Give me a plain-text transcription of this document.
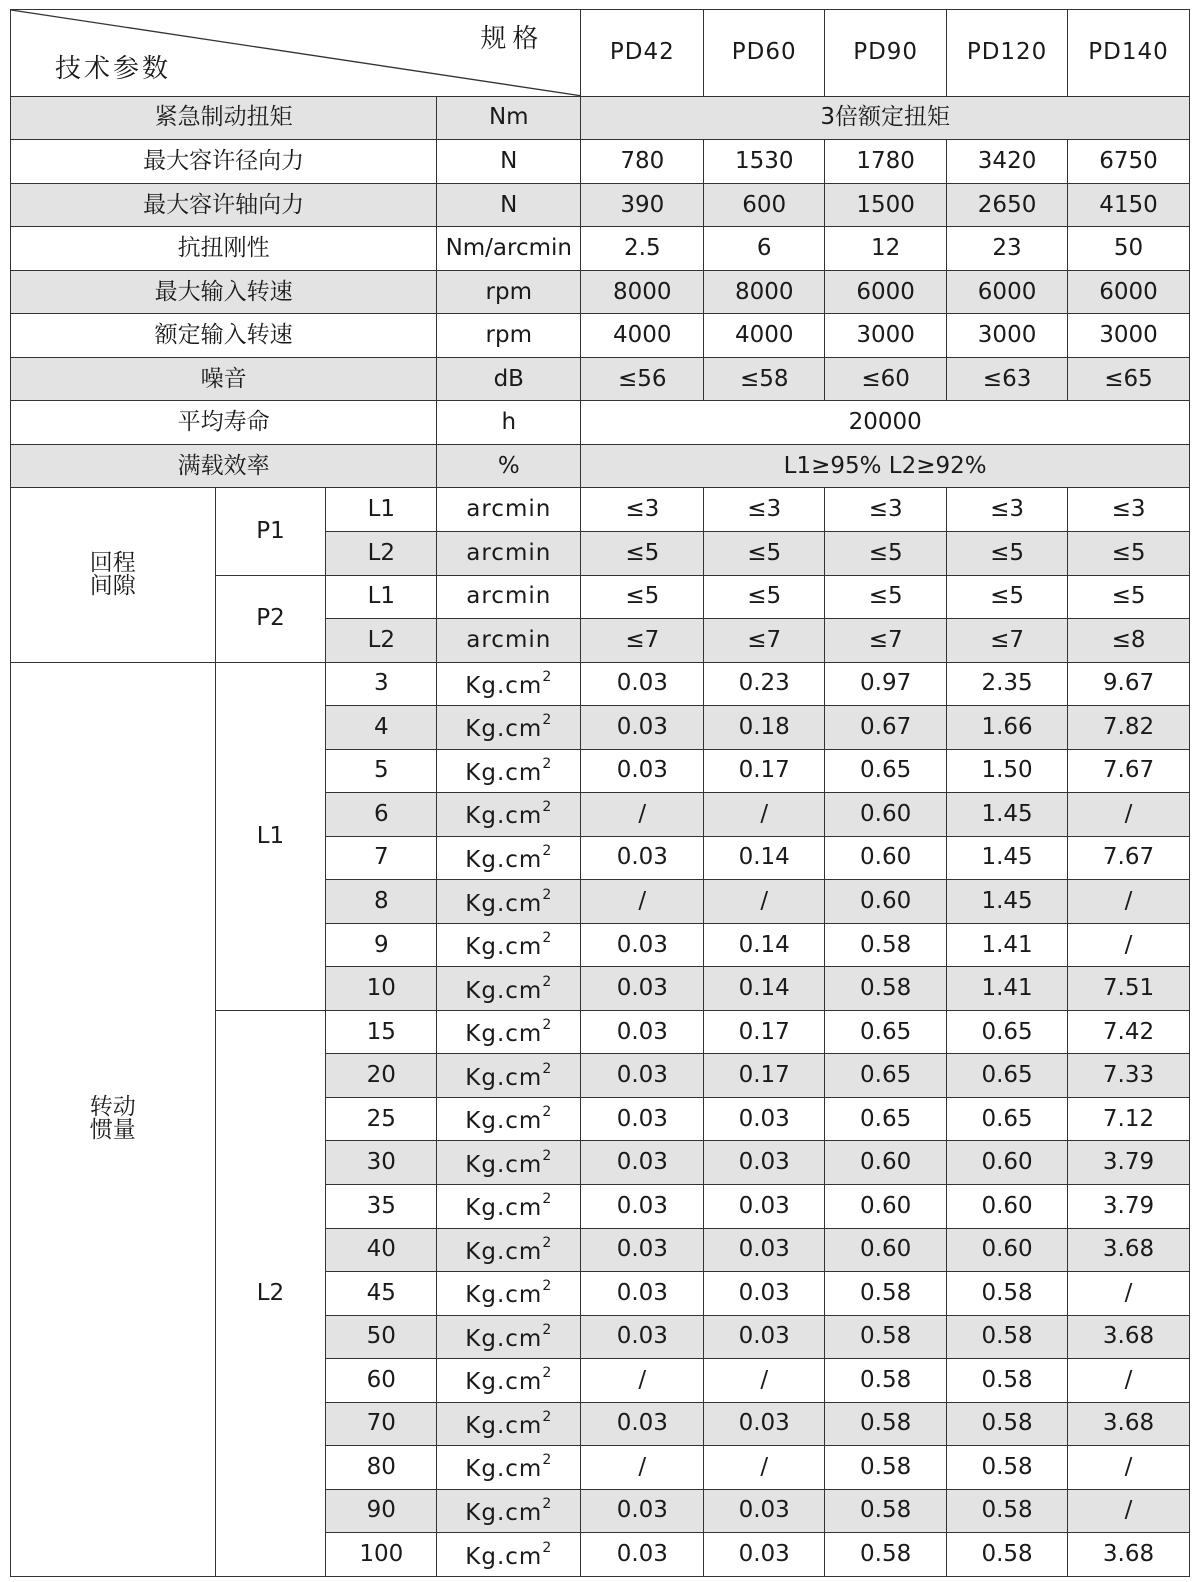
技术参数
规格				PD42	PD60	PD90	PD120	PD140
紧急制动扭矩			Nm	3倍额定扭矩				
最大容许径向力			N	780	1530	1780	3420	6750
最大容许轴向力			N	390	600	1500	2650	4150
抗扭刚性			Nm/arcmin	2.5	6	12	23	50
最大输入转速			rpm	8000	8000	6000	6000	6000
额定输入转速			rpm	4000	4000	3000	3000	3000
噪音			dB	≤56	≤58	≤60	≤63	≤65
平均寿命			h	20000				
满载效率			%	L1≥95% L2≥92%				

回程
间隙	P1	L1	arcmin	≤3	≤3	≤3	≤3	≤3
		L2	arcmin	≤5	≤5	≤5	≤5	≤5
	P2	L1	arcmin	≤5	≤5	≤5	≤5	≤5
		L2	arcmin	≤7	≤7	≤7	≤7	≤8

转动
惯量	L1	3	$Kg.cm^2$	0.03	0.23	0.97	2.35	9.67
		4	$Kg.cm^2$	0.03	0.18	0.67	1.66	7.82
		5	$Kg.cm^2$	0.03	0.17	0.65	1.50	7.67
		6	$Kg.cm^2$	/	/	0.60	1.45	/
		7	$Kg.cm^2$	0.03	0.14	0.60	1.45	7.67
		8	$Kg.cm^2$	/	/	0.60	1.45	/
		9	$Kg.cm^2$	0.03	0.14	0.58	1.41	/
		10	$Kg.cm^2$	0.03	0.14	0.58	1.41	7.51
	L2	15	$Kg.cm^2$	0.03	0.17	0.65	0.65	7.42
		20	$Kg.cm^2$	0.03	0.17	0.65	0.65	7.33
		25	$Kg.cm^2$	0.03	0.03	0.65	0.65	7.12
		30	$Kg.cm^2$	0.03	0.03	0.60	0.60	3.79
		35	$Kg.cm^2$	0.03	0.03	0.60	0.60	3.79
		40	$Kg.cm^2$	0.03	0.03	0.60	0.60	3.68
		45	$Kg.cm^2$	0.03	0.03	0.58	0.58	/
		50	$Kg.cm^2$	0.03	0.03	0.58	0.58	3.68
		60	$Kg.cm^2$	/	/	0.58	0.58	/
		70	$Kg.cm^2$	0.03	0.03	0.58	0.58	3.68
		80	$Kg.cm^2$	/	/	0.58	0.58	/
		90	$Kg.cm^2$	0.03	0.03	0.58	0.58	/
		100	$Kg.cm^2$	0.03	0.03	0.58	0.58	3.68
